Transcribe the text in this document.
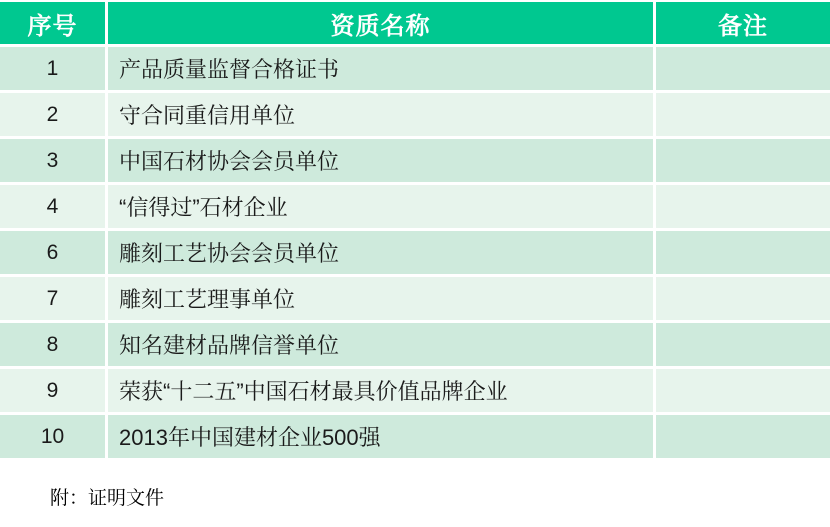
序号	资质名称	备注
1	产品质量监督合格证书
2	守合同重信用单位
3	中国石材协会会员单位
4	“信得过”石材企业
6	雕刻工艺协会会员单位
7	雕刻工艺理事单位
8	知名建材品牌信誉单位
9	荣获“十二五”中国石材最具价值品牌企业
10	2013年中国建材企业500强
附：证明文件
